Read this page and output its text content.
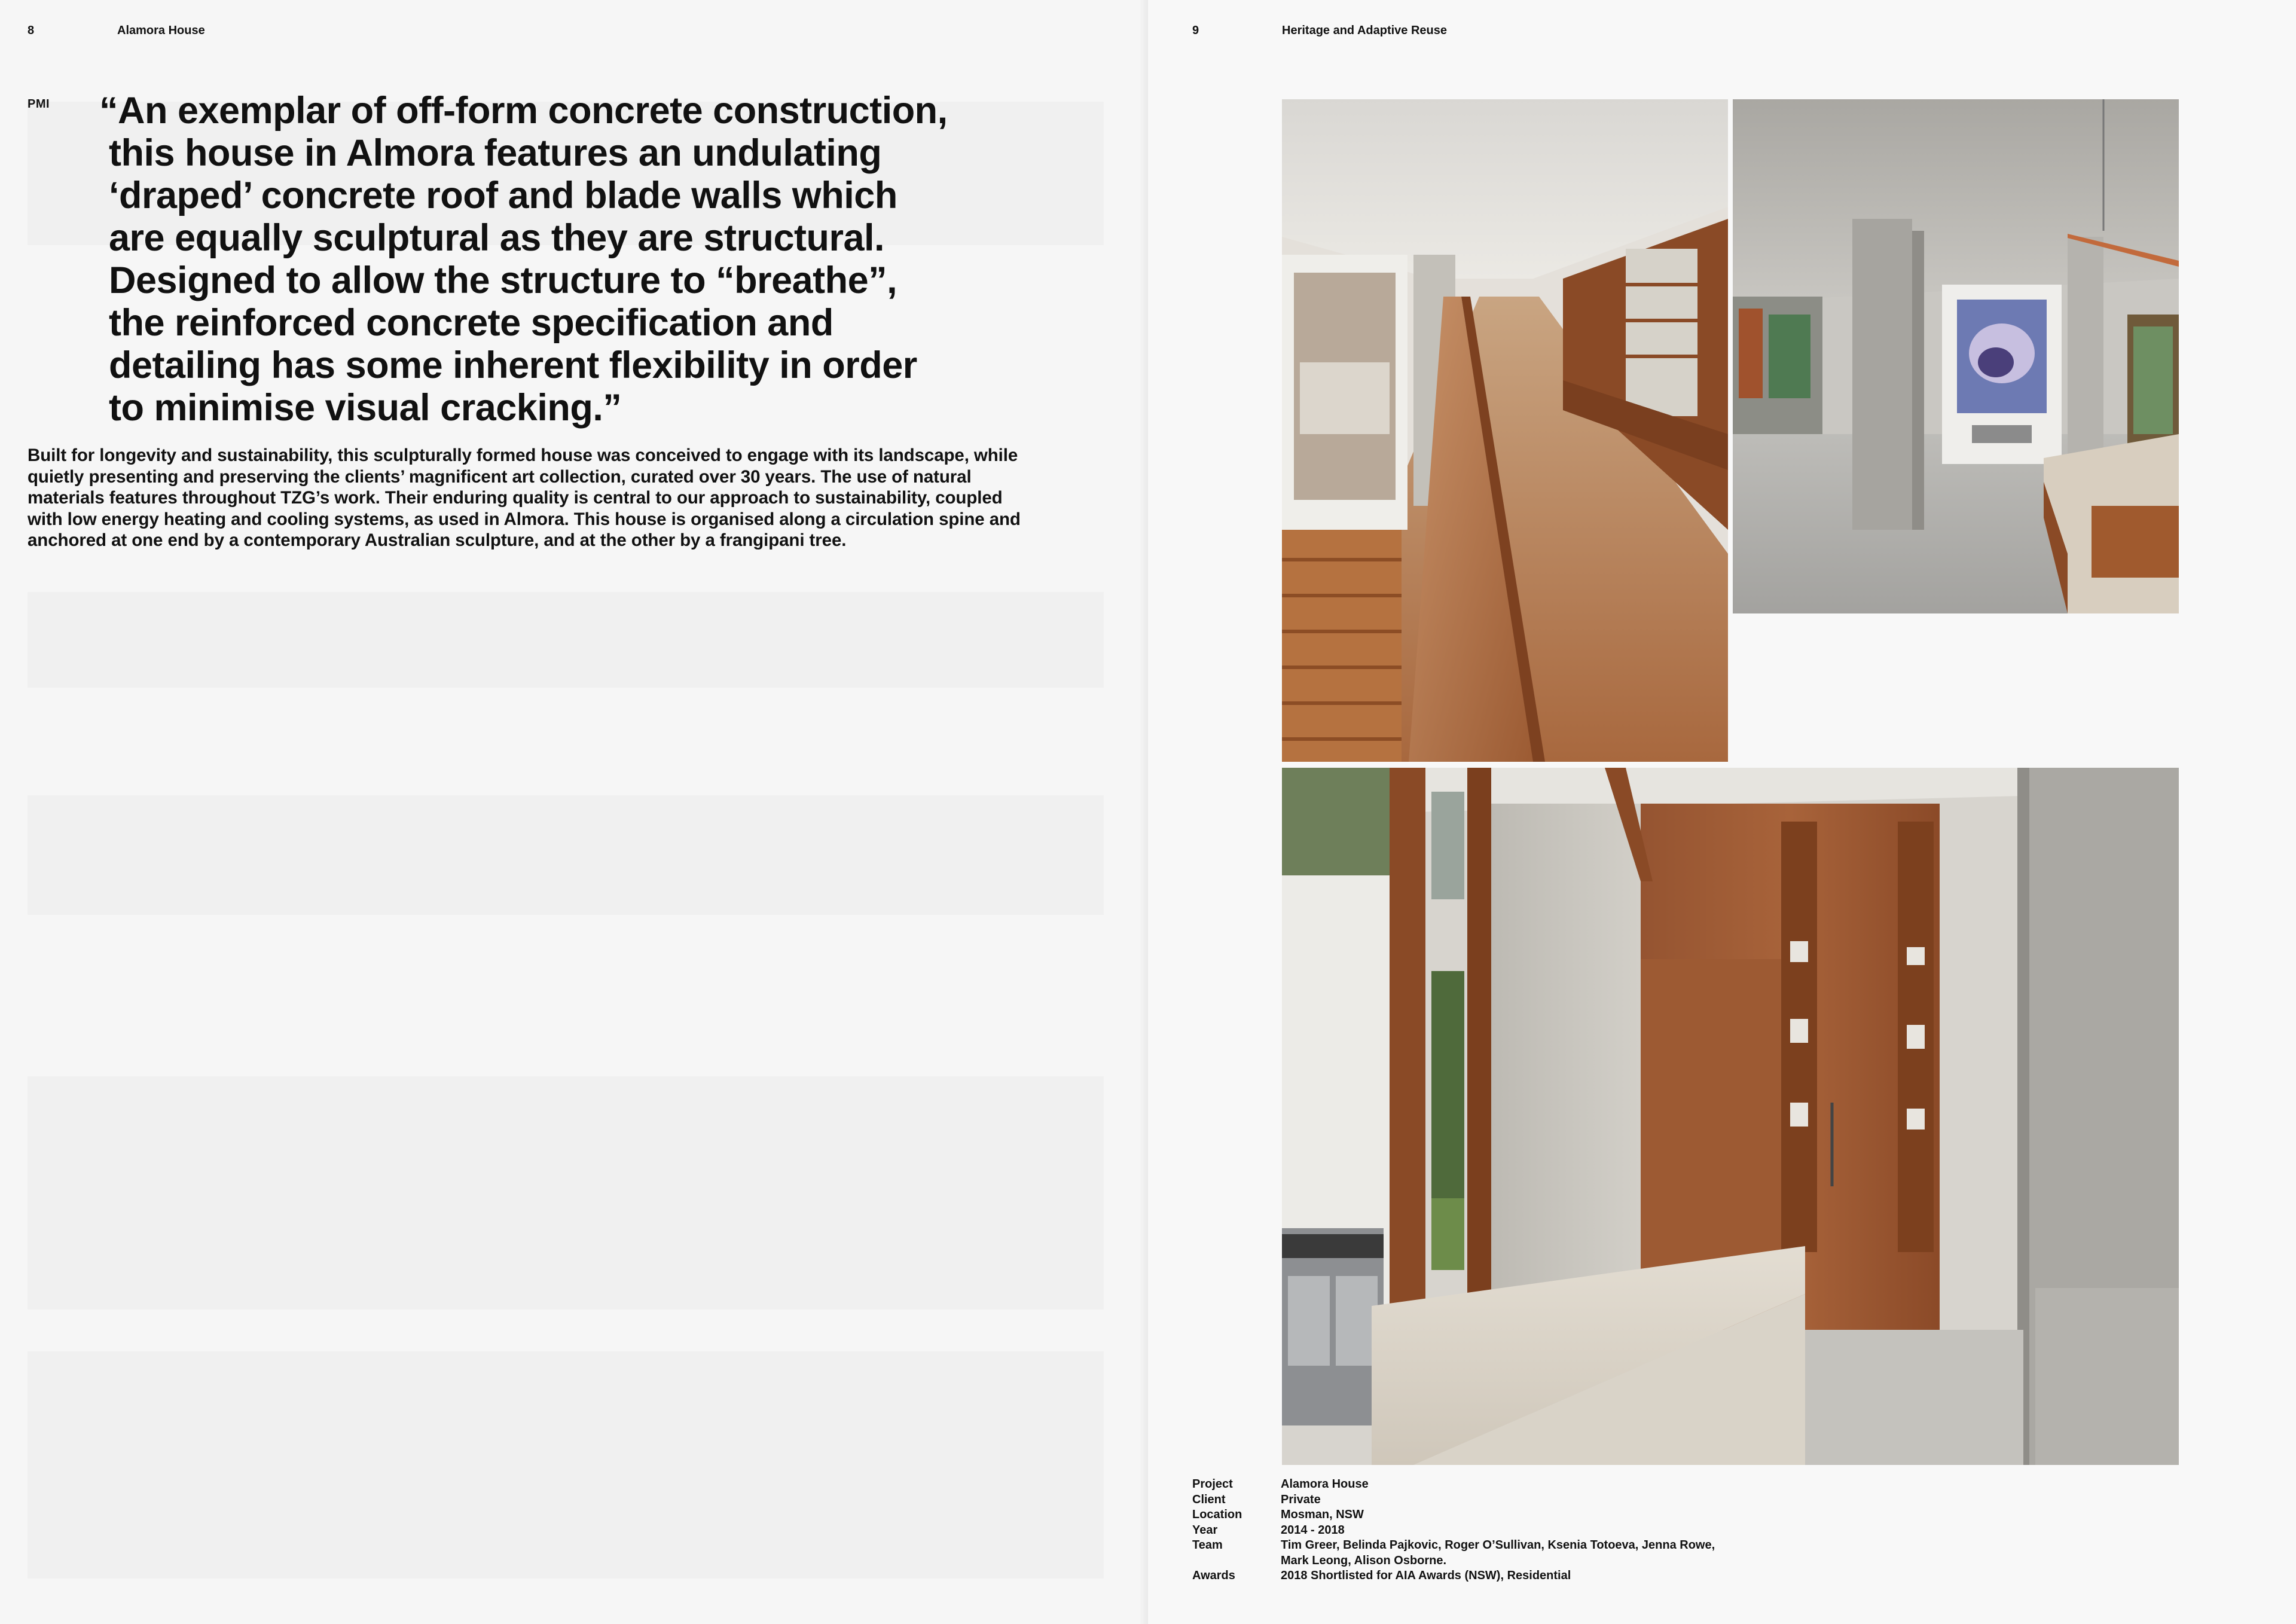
8	Alamora House
PMI “An exemplar of off-form concrete construction,
this house in Almora features an undulating
‘draped’ concrete roof and blade walls which
are equally sculptural as they are structural.
Designed to allow the structure to “breathe”,
the reinforced concrete specification and
detailing has some inherent flexibility in order
to minimise visual cracking.”
Built for longevity and sustainability, this sculpturally formed house was conceived to engage with its landscape, while
quietly presenting and preserving the clients’ magnificent art collection, curated over 30 years. The use of natural
materials features throughout TZG’s work. Their enduring quality is central to our approach to sustainability, coupled
with low energy heating and cooling systems, as used in Almora. This house is organised along a circulation spine and
anchored at one end by a contemporary Australian sculpture, and at the other by a frangipani tree.
9	Heritage and Adaptive Reuse
Project	Alamora House
Client	Private
Location	Mosman, NSW
Year	2014 - 2018
Team	Tim Greer, Belinda Pajkovic, Roger O’Sullivan, Ksenia Totoeva, Jenna Rowe,
Mark Leong, Alison Osborne.
Awards	2018 Shortlisted for AIA Awards (NSW), Residential
